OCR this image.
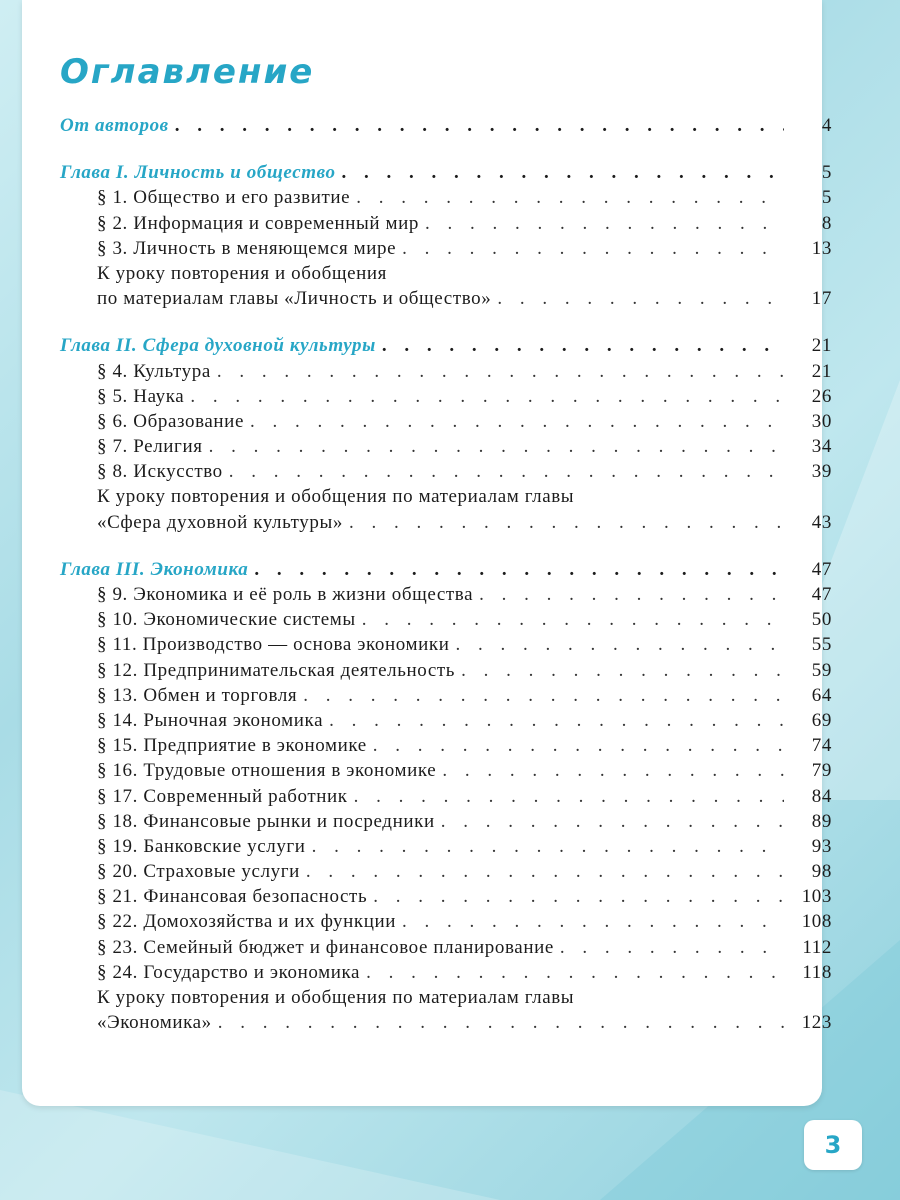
Оглавление
От авторов . . .	4
Глава I. Личность и общество . . .	5
§ 1. Общество и его развитие . . .	5
§ 2. Информация и современный мир . . .	8
§ 3. Личность в меняющемся мире . . .	13
К уроку повторения и обобщения
по материалам главы «Личность и общество» . . .	17
Глава II. Сфера духовной культуры . . .	21
§ 4. Культура . . .	21
§ 5. Наука . . .	26
§ 6. Образование . . .	30
§ 7. Религия . . .	34
§ 8. Искусство . . .	39
К уроку повторения и обобщения по материалам главы
«Сфера духовной культуры» . . .	43
Глава III. Экономика . . .	47
§ 9. Экономика и её роль в жизни общества . . .	47
§ 10. Экономические системы . . .	50
§ 11. Производство — основа экономики . . .	55
§ 12. Предпринимательская деятельность . . .	59
§ 13. Обмен и торговля . . .	64
§ 14. Рыночная экономика . . .	69
§ 15. Предприятие в экономике . . .	74
§ 16. Трудовые отношения в экономике . . .	79
§ 17. Современный работник . . .	84
§ 18. Финансовые рынки и посредники . . .	89
§ 19. Банковские услуги . . .	93
§ 20. Страховые услуги . . .	98
§ 21. Финансовая безопасность . . .	103
§ 22. Домохозяйства и их функции . . .	108
§ 23. Семейный бюджет и финансовое планирование . . .	112
§ 24. Государство и экономика . . .	118
К уроку повторения и обобщения по материалам главы
«Экономика» . . .	123
3
